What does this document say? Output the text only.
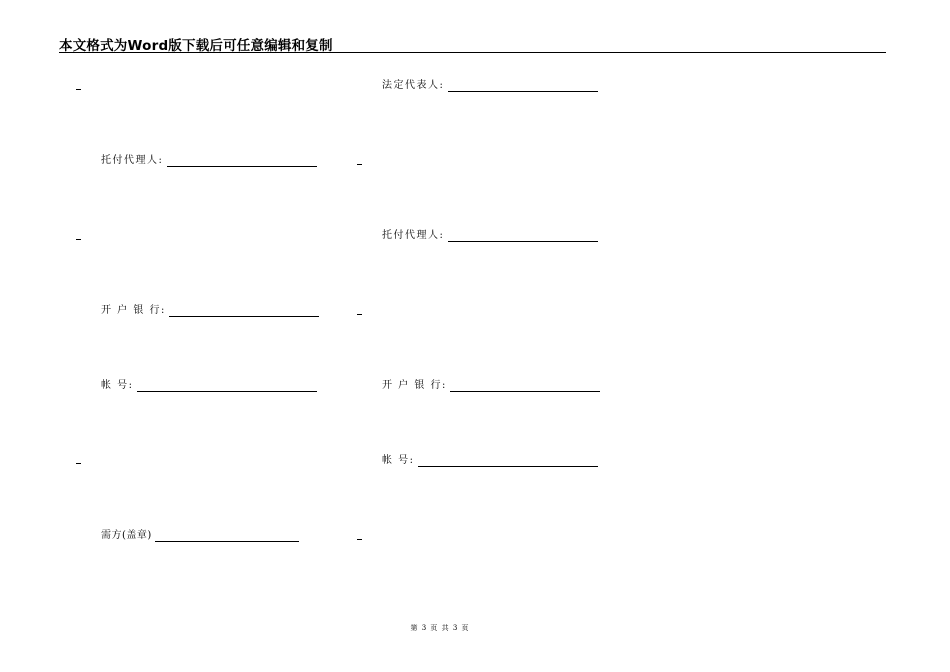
本文格式为Word版下载后可任意编辑和复制
法定代表人:
托付代理人:
开 户 银 行:
帐 号:
托付代理人:
开 户 银 行:
帐 号:
需方(盖章)
第 3 页 共 3 页
